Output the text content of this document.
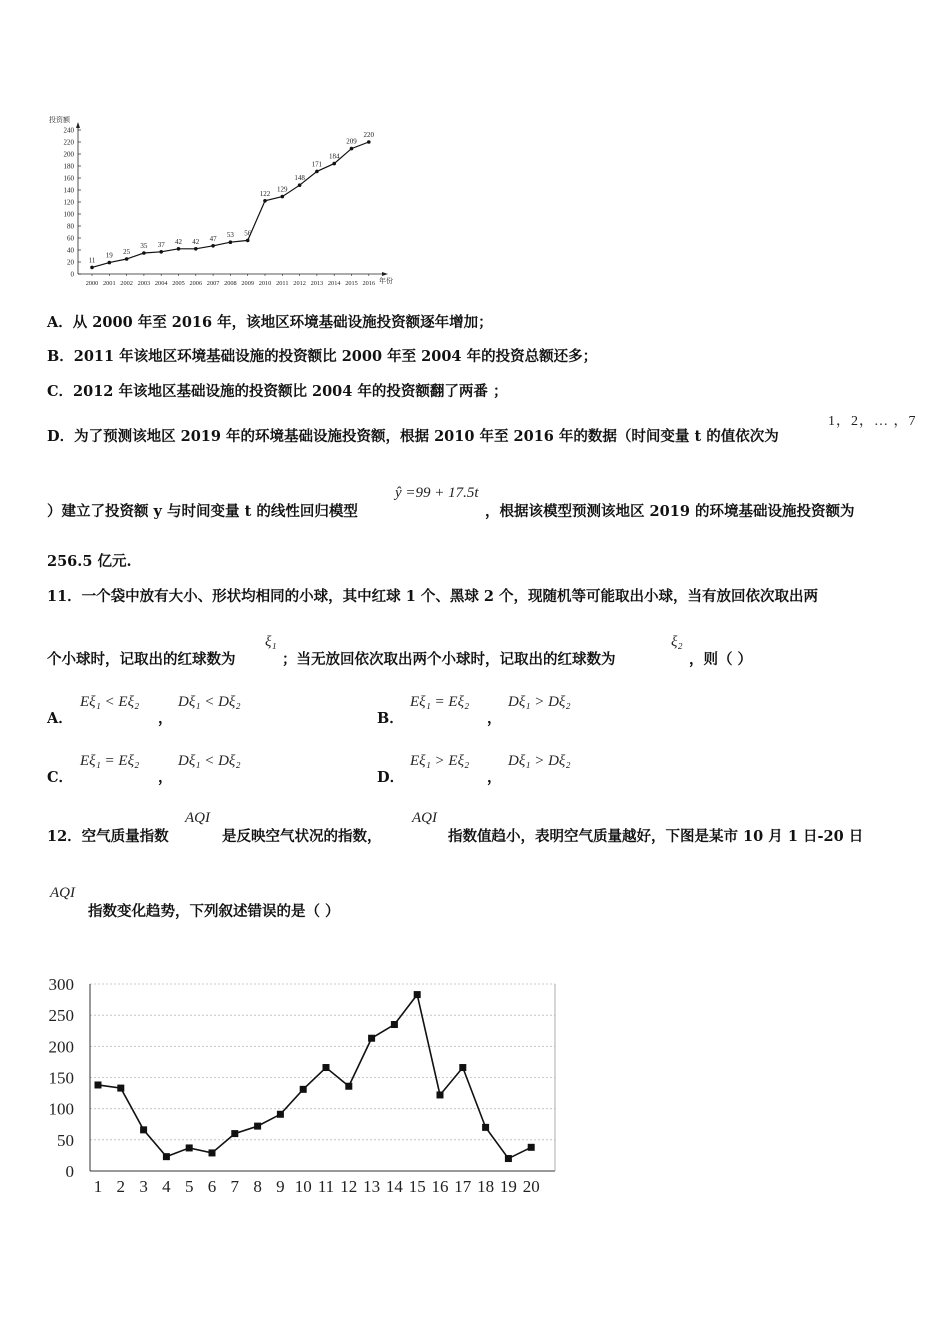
投资额
年份
0
20
40
60
80
100
120
140
160
180
200
220
240
2000 2001 2002 2003 2004 2005 2006 2007 2008 2009 2010 2011 2012 2013 2014 2015 2016
11
19 25
35 37 42 42 47 53 56
122
129
148
171
184
209
220
A．从 2000 年至 2016 年，该地区环境基础设施投资额逐年增加；
B．2011 年该地区环境基础设施的投资额比 2000 年至 2004 年的投资总额还多；
C．2012 年该地区基础设施的投资额比 2004 年的投资额翻了两番 ；
D．为了预测该地区 2019 年的环境基础设施投资额，根据 2010 年至 2016 年的数据（时间变量 t 的值依次为
1，2，… ，7
）建立了投资额 y 与时间变量 t 的线性回归模型
ŷ =99 + 17.5t
，根据该模型预测该地区 2019 的环境基础设施投资额为
256.5 亿元.
11．一个袋中放有大小、形状均相同的小球，其中红球 1 个、黑球 2 个，现随机等可能取出小球，当有放回依次取出两
个小球时，记取出的红球数为
ξ₁
；当无放回依次取出两个小球时，记取出的红球数为
ξ₂
，则（ ）
A．
Eξ₁ < Eξ₂
，
Dξ₁ < Dξ₂
B．
Eξ₁ = Eξ₂
，
Dξ₁ > Dξ₂
C．
Eξ₁ = Eξ₂
，
Dξ₁ < Dξ₂
D．
Eξ₁ > Eξ₂
，
Dξ₁ > Dξ₂
12．空气质量指数
AQI
是反映空气状况的指数，
AQI
指数值趋小，表明空气质量越好，下图是某市 10 月 1 日-20 日
AQI
指数变化趋势，下列叙述错误的是（ ）
0
50
100
150
200
250
300
1 2 3 4 5 6 7 8 9 10 11 12 13 14 15 16 17 18 19 20
